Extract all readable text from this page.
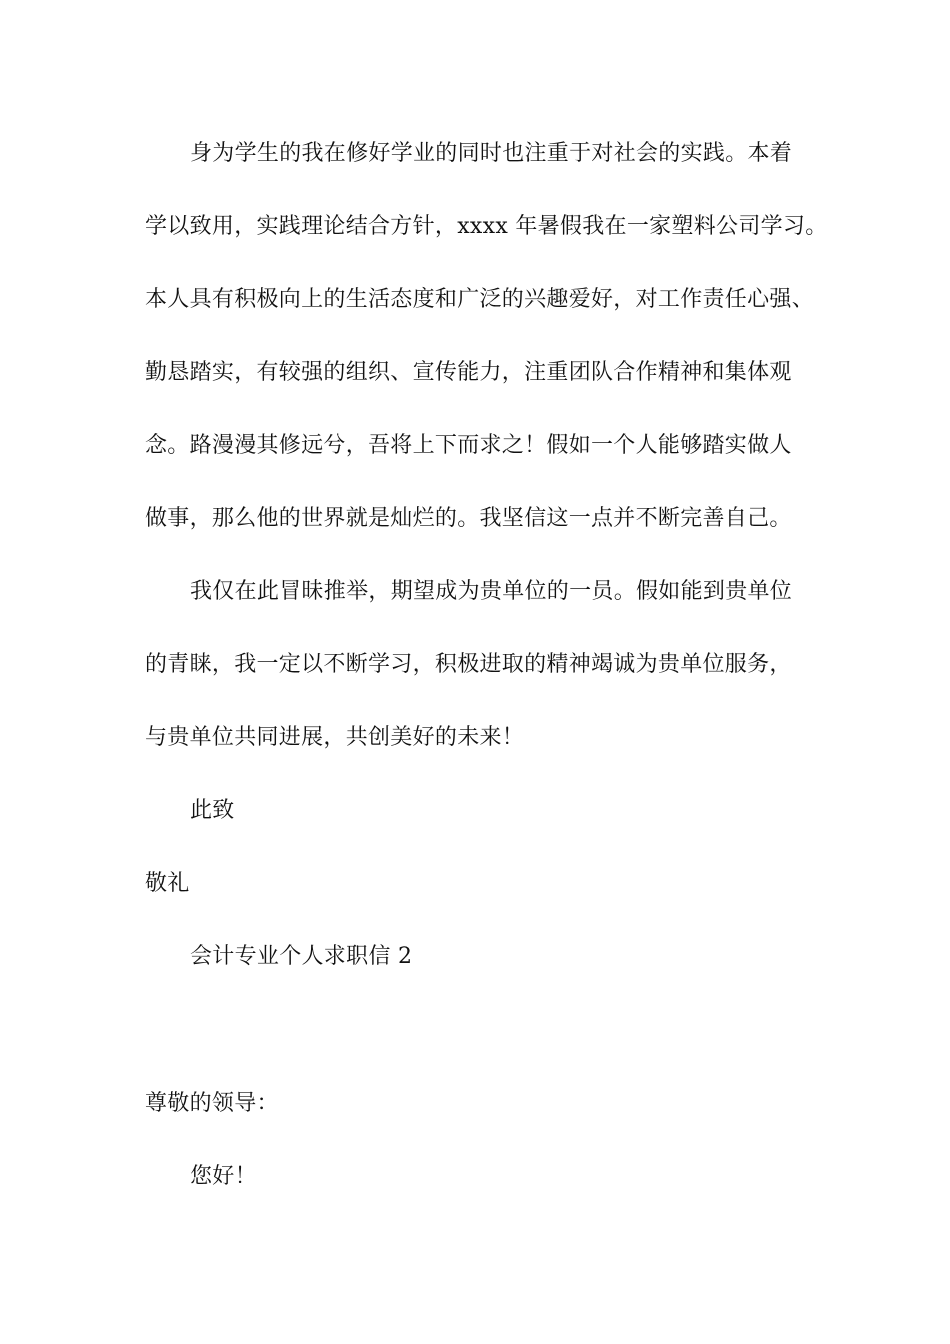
身为学生的我在修好学业的同时也注重于对社会的实践。本着
学以致用，实践理论结合方针，xxxx 年暑假我在一家塑料公司学习。
本人具有积极向上的生活态度和广泛的兴趣爱好，对工作责任心强、
勤恳踏实，有较强的组织、宣传能力，注重团队合作精神和集体观
念。路漫漫其修远兮，吾将上下而求之！假如一个人能够踏实做人
做事，那么他的世界就是灿烂的。我坚信这一点并不断完善自己。
我仅在此冒昧推举，期望成为贵单位的一员。假如能到贵单位
的青睐，我一定以不断学习，积极进取的精神竭诚为贵单位服务，
与贵单位共同进展，共创美好的未来！
此致
敬礼
会计专业个人求职信 2
尊敬的领导：
您好！
